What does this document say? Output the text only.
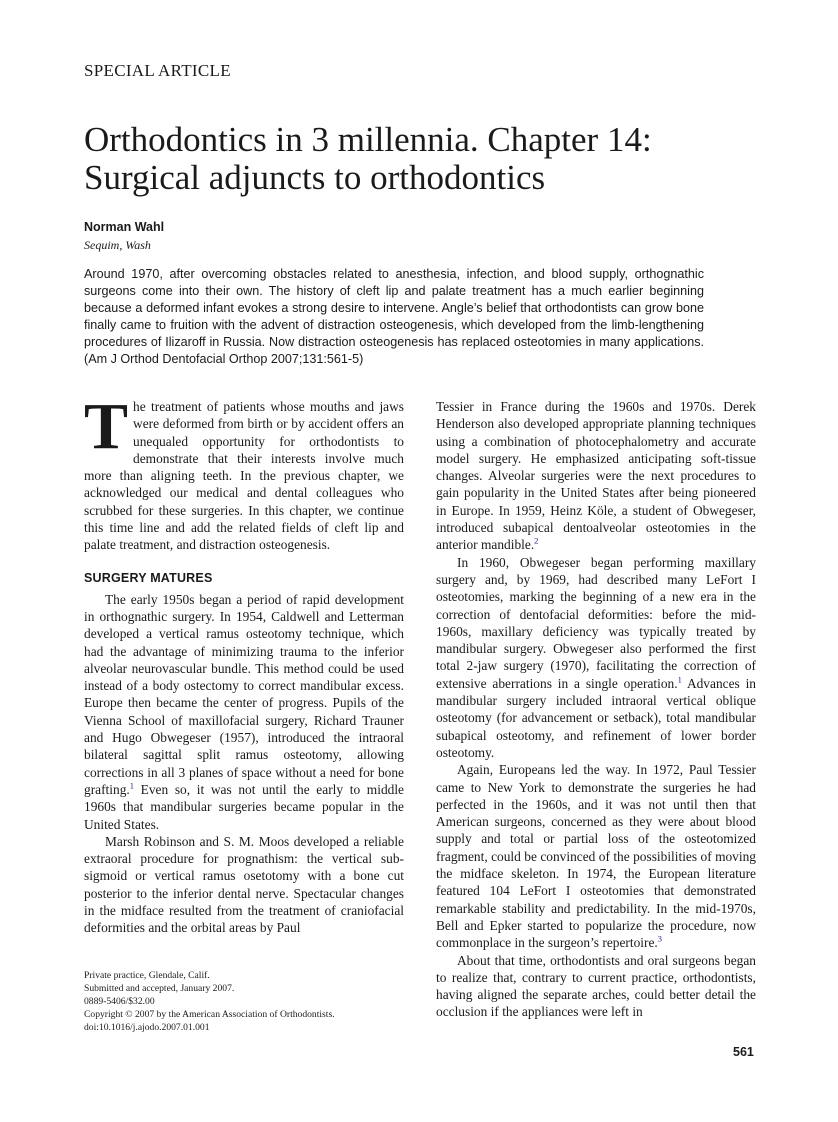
SPECIAL ARTICLE
Orthodontics in 3 millennia. Chapter 14:
Surgical adjuncts to orthodontics
Norman Wahl
Sequim, Wash

Around 1970, after overcoming obstacles related to anesthesia, infection, and blood supply, orthognathic surgeons come into their own. The history of cleft lip and palate treatment has a much earlier beginning because a deformed infant evokes a strong desire to intervene. Angle’s belief that orthodontists can grow bone finally came to fruition with the advent of distraction osteogenesis, which developed from the limb-lengthening procedures of Ilizaroff in Russia. Now distraction osteogenesis has replaced osteotomies in many applications. (Am J Orthod Dentofacial Orthop 2007;131:561-5)

The treatment of patients whose mouths and jaws were deformed from birth or by accident offers an unequaled opportunity for orthodontists to demonstrate that their interests involve much more than aligning teeth. In the previous chapter, we acknowledged our medical and dental colleagues who scrubbed for these surgeries. In this chapter, we continue this time line and add the related fields of cleft lip and palate treatment, and distraction osteogenesis.

SURGERY MATURES

The early 1950s began a period of rapid development in orthognathic surgery. In 1954, Caldwell and Letterman developed a vertical ramus osteotomy technique, which had the advantage of minimizing trauma to the inferior alveolar neurovascular bundle. This method could be used instead of a body ostectomy to correct mandibular excess. Europe then became the center of progress. Pupils of the Vienna School of maxillofacial surgery, Richard Trauner and Hugo Obwegeser (1957), introduced the intraoral bilateral sagittal split ramus osteotomy, allowing corrections in all 3 planes of space without a need for bone grafting.$^1$ Even so, it was not until the early to middle 1960s that mandibular surgeries became popular in the United States.

Marsh Robinson and S. M. Moos developed a reliable extraoral procedure for prognathism: the vertical subsigmoid or vertical ramus osetotomy with a bone cut posterior to the inferior dental nerve. Spectacular changes in the midface resulted from the treatment of craniofacial deformities and the orbital areas by Paul

Tessier in France during the 1960s and 1970s. Derek Henderson also developed appropriate planning techniques using a combination of photocephalometry and accurate model surgery. He emphasized anticipating soft-tissue changes. Alveolar surgeries were the next procedures to gain popularity in the United States after being pioneered in Europe. In 1959, Heinz Köle, a student of Obwegeser, introduced subapical dentoalveolar osteotomies in the anterior mandible.$^2$

In 1960, Obwegeser began performing maxillary surgery and, by 1969, had described many LeFort I osteotomies, marking the beginning of a new era in the correction of dentofacial deformities: before the mid-1960s, maxillary deficiency was typically treated by mandibular surgery. Obwegeser also performed the first total 2-jaw surgery (1970), facilitating the correction of extensive aberrations in a single operation.$^1$ Advances in mandibular surgery included intraoral vertical oblique osteotomy (for advancement or setback), total mandibular subapical osteotomy, and refinement of lower border osteotomy.

Again, Europeans led the way. In 1972, Paul Tessier came to New York to demonstrate the surgeries he had perfected in the 1960s, and it was not until then that American surgeons, concerned as they were about blood supply and total or partial loss of the osteotomized fragment, could be convinced of the possibilities of moving the midface skeleton. In 1974, the European literature featured 104 LeFort I osteotomies that demonstrated remarkable stability and predictability. In the mid-1970s, Bell and Epker started to popularize the procedure, now commonplace in the surgeon’s repertoire.$^3$

About that time, orthodontists and oral surgeons began to realize that, contrary to current practice, orthodontists, having aligned the separate arches, could better detail the occlusion if the appliances were left in

Private practice, Glendale, Calif.
Submitted and accepted, January 2007.
0889-5406/$32.00
Copyright © 2007 by the American Association of Orthodontists.
doi:10.1016/j.ajodo.2007.01.001
561
